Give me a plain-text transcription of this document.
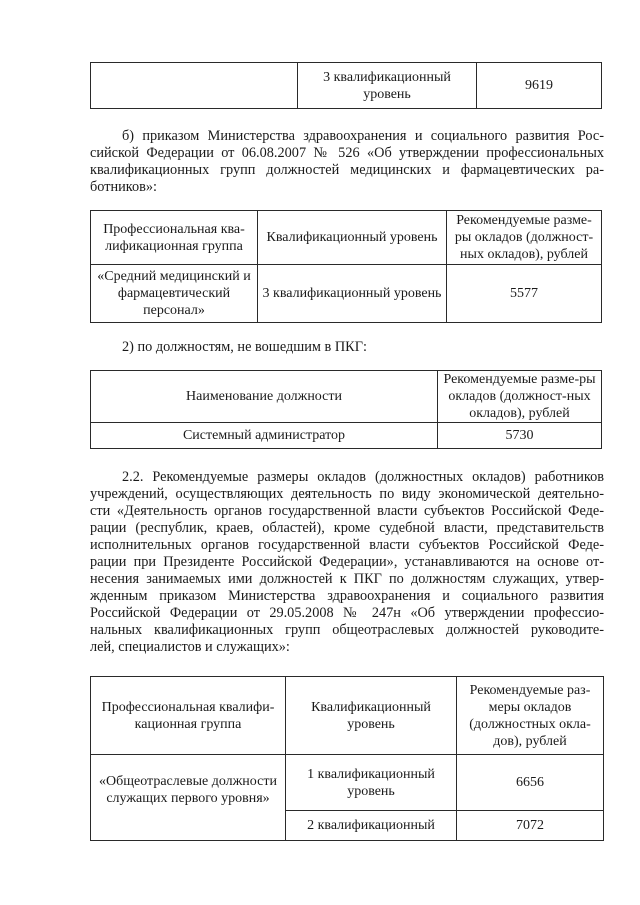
	3 квалификационный уровень	9619
б) приказом Министерства здравоохранения и социального развития Рос-
сийской Федерации от 06.08.2007 № 526 «Об утверждении профессиональных
квалификационных групп должностей медицинских и фармацевтических ра-
ботников»:
Профессиональная ква-лификационная группа	Квалификационный уровень	Рекомендуемые разме-ры окладов (должност-ных окладов), рублей
«Средний медицинский и фармацевтический персонал»	3 квалификационный уровень	5577
2) по должностям, не вошедшим в ПКГ:
Наименование должности	Рекомендуемые разме-ры окладов (должност-ных окладов), рублей
Системный администратор	5730
2.2. Рекомендуемые размеры окладов (должностных окладов) работников
учреждений, осуществляющих деятельность по виду экономической деятельно-
сти «Деятельность органов государственной власти субъектов Российской Феде-
рации (республик, краев, областей), кроме судебной власти, представительств
исполнительных органов государственной власти субъектов Российской Феде-
рации при Президенте Российской Федерации», устанавливаются на основе от-
несения занимаемых ими должностей к ПКГ по должностям служащих, утвер-
жденным приказом Министерства здравоохранения и социального развития
Российской Федерации от 29.05.2008 № 247н «Об утверждении профессио-
нальных квалификационных групп общеотраслевых должностей руководите-
лей, специалистов и служащих»:
Профессиональная квалифи-кационная группа	Квалификационный уровень	Рекомендуемые раз-меры окладов (должностных окла-дов), рублей
«Общеотраслевые должности служащих первого уровня»	1 квалификационный уровень	6656
	2 квалификационный	7072
